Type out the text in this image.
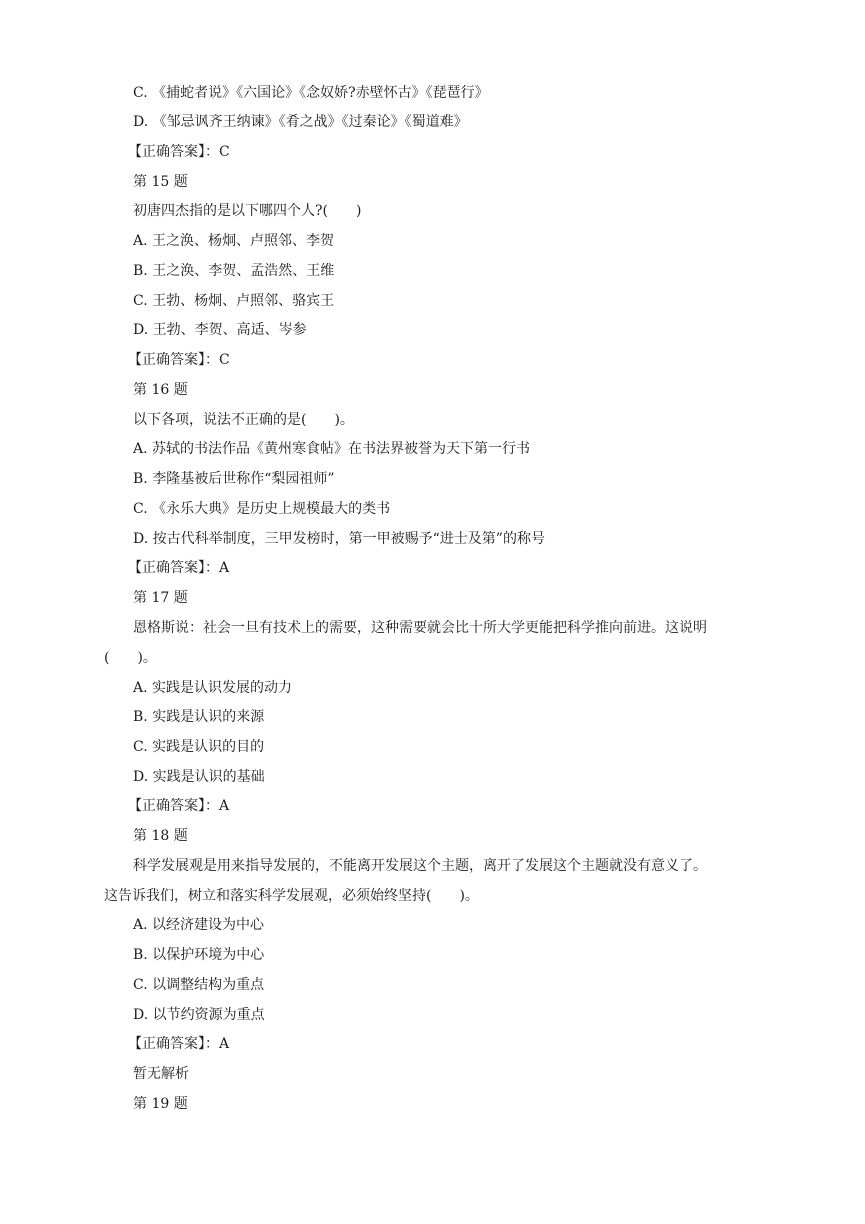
C. 《捕蛇者说》《六国论》《念奴娇?赤壁怀古》《琵琶行》
D. 《邹忌讽齐王纳谏》《肴之战》《过秦论》《蜀道难》
【正确答案】：C
第 15 题
初唐四杰指的是以下哪四个人?(　　)
A. 王之涣、杨炯、卢照邻、李贺
B. 王之涣、李贺、孟浩然、王维
C. 王勃、杨炯、卢照邻、骆宾王
D. 王勃、李贺、高适、岑参
【正确答案】：C
第 16 题
以下各项，说法不正确的是(　　)。
A. 苏轼的书法作品《黄州寒食帖》在书法界被誉为天下第一行书
B. 李隆基被后世称作“梨园祖师”
C. 《永乐大典》是历史上规模最大的类书
D. 按古代科举制度，三甲发榜时，第一甲被赐予“进士及第”的称号
【正确答案】：A
第 17 题
恩格斯说：社会一旦有技术上的需要，这种需要就会比十所大学更能把科学推向前进。这说明
(　　)。
A. 实践是认识发展的动力
B. 实践是认识的来源
C. 实践是认识的目的
D. 实践是认识的基础
【正确答案】：A
第 18 题
科学发展观是用来指导发展的，不能离开发展这个主题，离开了发展这个主题就没有意义了。
这告诉我们，树立和落实科学发展观，必须始终坚持(　　)。
A. 以经济建设为中心
B. 以保护环境为中心
C. 以调整结构为重点
D. 以节约资源为重点
【正确答案】：A
暂无解析
第 19 题
